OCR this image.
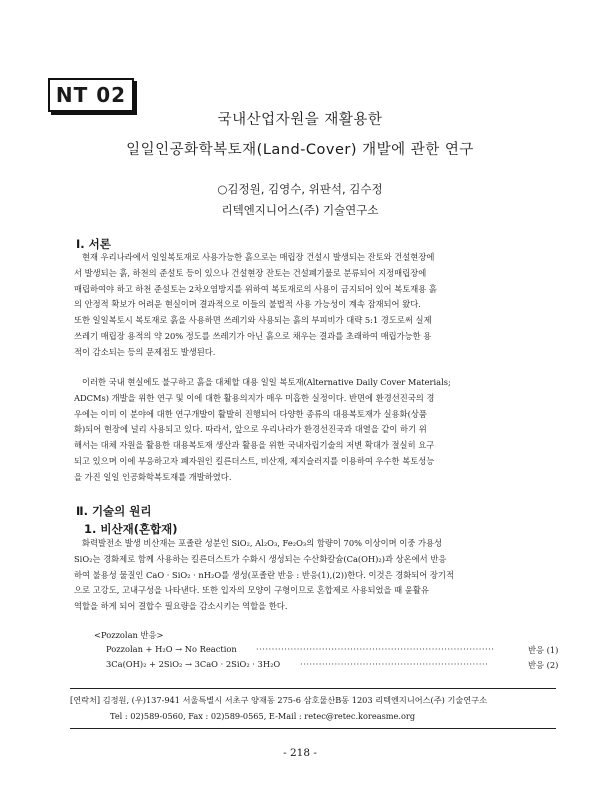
NT 02
국내산업자원을 재활용한
일일인공화학복토재(Land-Cover) 개발에 관한 연구
○김정원, 김영수, 위판석, 김수정
리텍엔지니어스(주) 기술연구소
Ⅰ. 서론
현재 우리나라에서 일일복토재로 사용가능한 흙으로는 매립장 건설시 발생되는 잔토와 건설현장에
서 발생되는 흙, 하천의 준설토 등이 있으나 건설현장 잔토는 건설폐기물로 분류되어 지정매립장에
매립하여야 하고 하천 준설토는 2차오염방지를 위하여 복토재로의 사용이 금지되어 있어 복토재용 흙
의 안정적 확보가 어려운 현실이며 결과적으로 이들의 불법적 사용 가능성이 계속 잠재되어 왔다.
또한 일일복토시 복토재로 흙을 사용하면 쓰레기와 사용되는 흙의 부피비가 대략 5:1 경도로써 실제
쓰레기 매립장 용적의 약 20% 정도를 쓰레기가 아닌 흙으로 채우는 결과를 초래하여 매립가능한 용
적이 감소되는 등의 문제점도 발생된다.
이러한 국내 현실에도 불구하고 흙을 대체할 대용 일일 복토재(Alternative Daily Cover Materials;
ADCMs) 개발을 위한 연구 및 이에 대한 활용의지가 매우 미흡한 실정이다. 반면에 환경선진국의 경
우에는 이미 이 분야에 대한 연구개발이 활발히 진행되어 다양한 종류의 대용복토재가 실용화(상품
화)되어 현장에 널리 사용되고 있다. 따라서, 앞으로 우리나라가 환경선진국과 대열을 같이 하기 위
해서는 대체 자원을 활용한 대용복토재 생산과 활용을 위한 국내자립기술의 저변 확대가 절실히 요구
되고 있으며 이에 부응하고자 폐자원인 킬른더스트, 비산재, 제지슬러지를 이용하여 우수한 복토성능
을 가진 일일 인공화학복토재를 개발하였다.
Ⅱ. 기술의 원리
1. 비산재(혼합재)
화력발전소 발생 비산재는 포졸란 성분인 SiO₂, Al₂O₃, Fe₂O₃의 함량이 70% 이상이며 이중 가용성
SiO₂는 경화제로 함께 사용하는 킬른더스트가 수화시 생성되는 수산화칼슘(Ca(OH)₂)과 상온에서 반응
하여 불용성 물질인 CaO · SiO₂ · nH₂O를 생성(포졸란 반응 : 반응(1),(2))한다. 이것은 경화되어 장기적
으로 고강도, 고내구성을 나타낸다. 또한 입자의 모양이 구형이므로 혼합제로 사용되었을 때 윤활유
역할을 하게 되어 결합수 필요량을 감소시키는 역할을 한다.
<Pozzolan 반응>
Pozzolan + H₂O → No Reaction ············································································	반응 (1)
3Ca(OH)₂ + 2SiO₂ → 3CaO · 2SiO₂ · 3H₂O ····························································	반응 (2)
[연락처] 김정원, (우)137-941 서울특별시 서초구 양재동 275-6 삼호물산B동 1203 리텍엔지니어스(주) 기술연구소
Tel : 02)589-0560, Fax : 02)589-0565, E-Mail : retec@retec.koreasme.org
- 218 -
